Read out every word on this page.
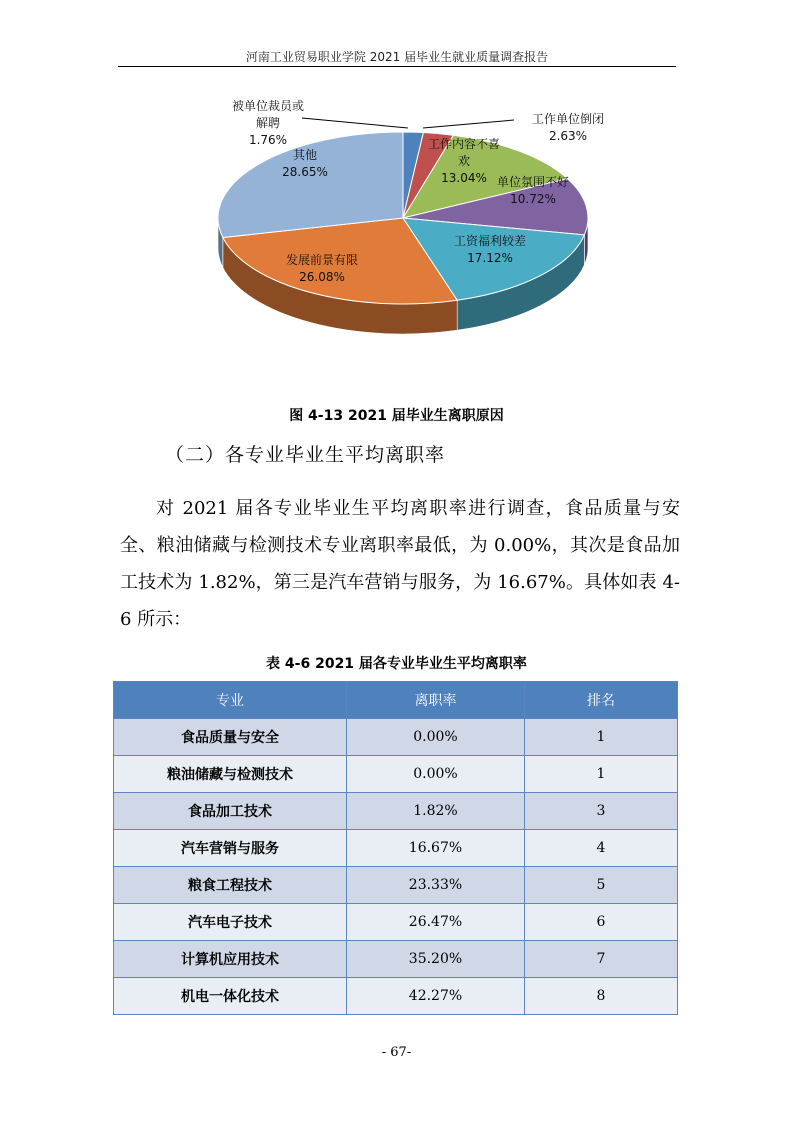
河南工业贸易职业学院 2021 届毕业生就业质量调查报告
被单位裁员或
解聘
1.76%
工作单位倒闭
2.63%
工作内容不喜
欢
13.04% 单位氛围不好
10.72%
工资福利较差
17.12%
发展前景有限
26.08%
其他
28.65%
图 4-13 2021 届毕业生离职原因
（二）各专业毕业生平均离职率

对 2021 届各专业毕业生平均离职率进行调查，食品质量与安全、粮油储藏与检测技术专业离职率最低，为 0.00%，其次是食品加工技术为 1.82%，第三是汽车营销与服务，为 16.67%。具体如表 4-6 所示：

表 4-6 2021 届各专业毕业生平均离职率
专业	离职率	排名
食品质量与安全	0.00%	1
粮油储藏与检测技术	0.00%	1
食品加工技术	1.82%	3
汽车营销与服务	16.67%	4
粮食工程技术	23.33%	5
汽车电子技术	26.47%	6
计算机应用技术	35.20%	7
机电一体化技术	42.27%	8
- 67-
